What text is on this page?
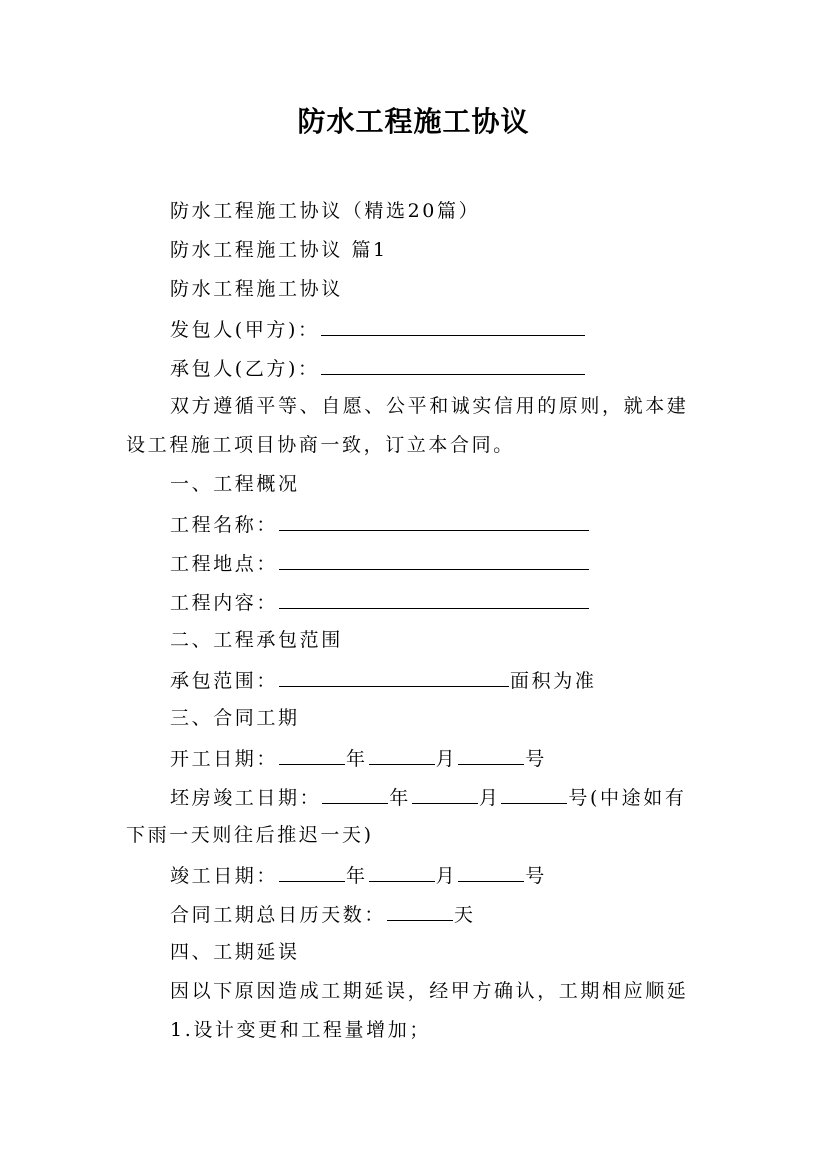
防水工程施工协议
防水工程施工协议（精选20篇）
防水工程施工协议 篇1
防水工程施工协议
发包人(甲方)：
承包人(乙方)：
双方遵循平等、自愿、公平和诚实信用的原则，就本建
设工程施工项目协商一致，订立本合同。
一、工程概况
工程名称：
工程地点：
工程内容：
二、工程承包范围
承包范围：	面积为准
三、合同工期
开工日期：	年	月	号
坯房竣工日期：	年	月	号(中途如有
下雨一天则往后推迟一天)
竣工日期：	年	月	号
合同工期总日历天数：	天
四、工期延误
因以下原因造成工期延误，经甲方确认，工期相应顺延
1.设计变更和工程量增加；
